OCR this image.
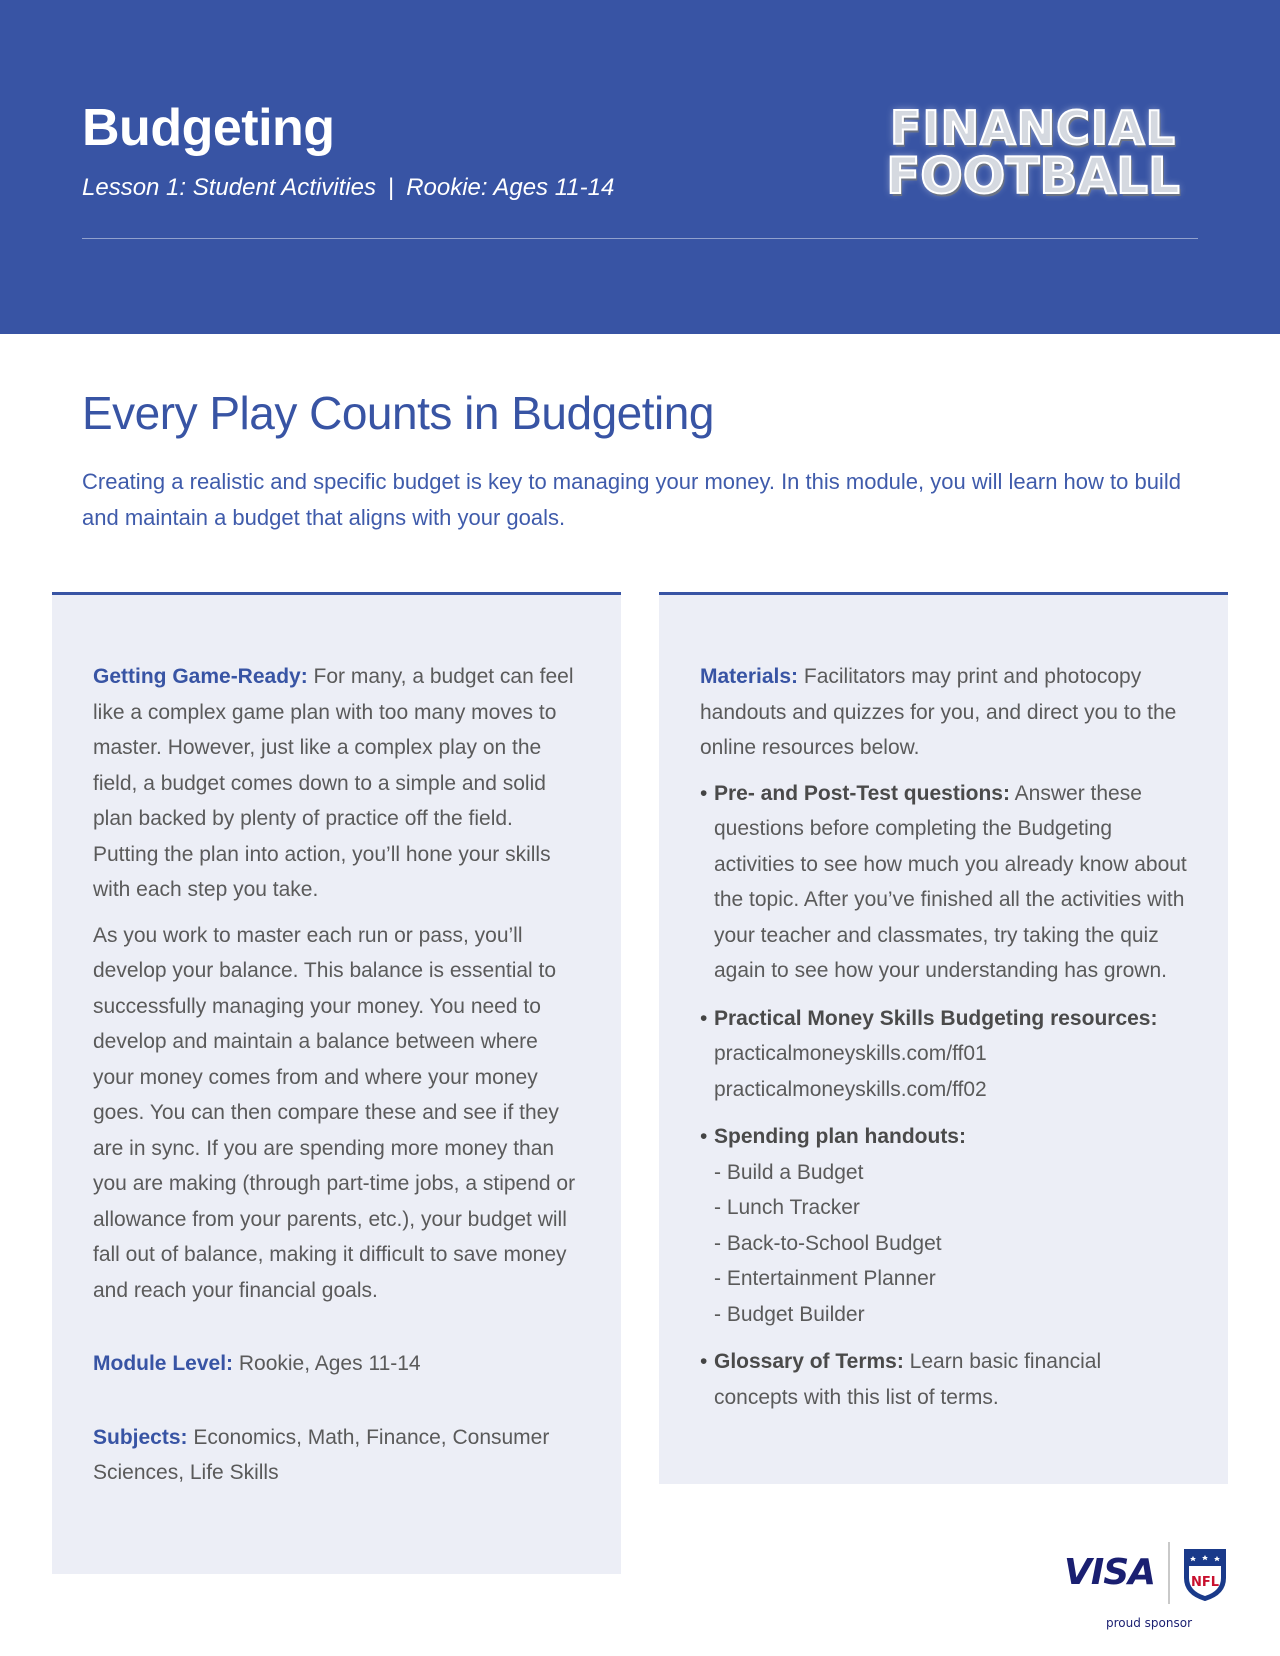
Budgeting
Lesson 1: Student Activities | Rookie: Ages 11-14
FINANCIAL
FOOTBALL
Every Play Counts in Budgeting

Creating a realistic and specific budget is key to managing your money. In this module, you will learn how to build and maintain a budget that aligns with your goals.

Getting Game-Ready: For many, a budget can feel like a complex game plan with too many moves to master. However, just like a complex play on the field, a budget comes down to a simple and solid plan backed by plenty of practice off the field. Putting the plan into action, you’ll hone your skills with each step you take.

As you work to master each run or pass, you’ll develop your balance. This balance is essential to successfully managing your money. You need to develop and maintain a balance between where your money comes from and where your money goes. You can then compare these and see if they are in sync. If you are spending more money than you are making (through part-time jobs, a stipend or allowance from your parents, etc.), your budget will fall out of balance, making it difficult to save money and reach your financial goals.

Module Level: Rookie, Ages 11-14

Subjects: Economics, Math, Finance, Consumer Sciences, Life Skills

Materials: Facilitators may print and photocopy handouts and quizzes for you, and direct you to the online resources below.

• Pre- and Post-Test questions: Answer these questions before completing the Budgeting activities to see how much you already know about the topic. After you’ve finished all the activities with your teacher and classmates, try taking the quiz again to see how your understanding has grown.
• Practical Money Skills Budgeting resources:
practicalmoneyskills.com/ff01
practicalmoneyskills.com/ff02
• Spending plan handouts:
- Build a Budget
- Lunch Tracker
- Back-to-School Budget
- Entertainment Planner
- Budget Builder
• Glossary of Terms: Learn basic financial concepts with this list of terms.
VISA	NFL
proud sponsor
